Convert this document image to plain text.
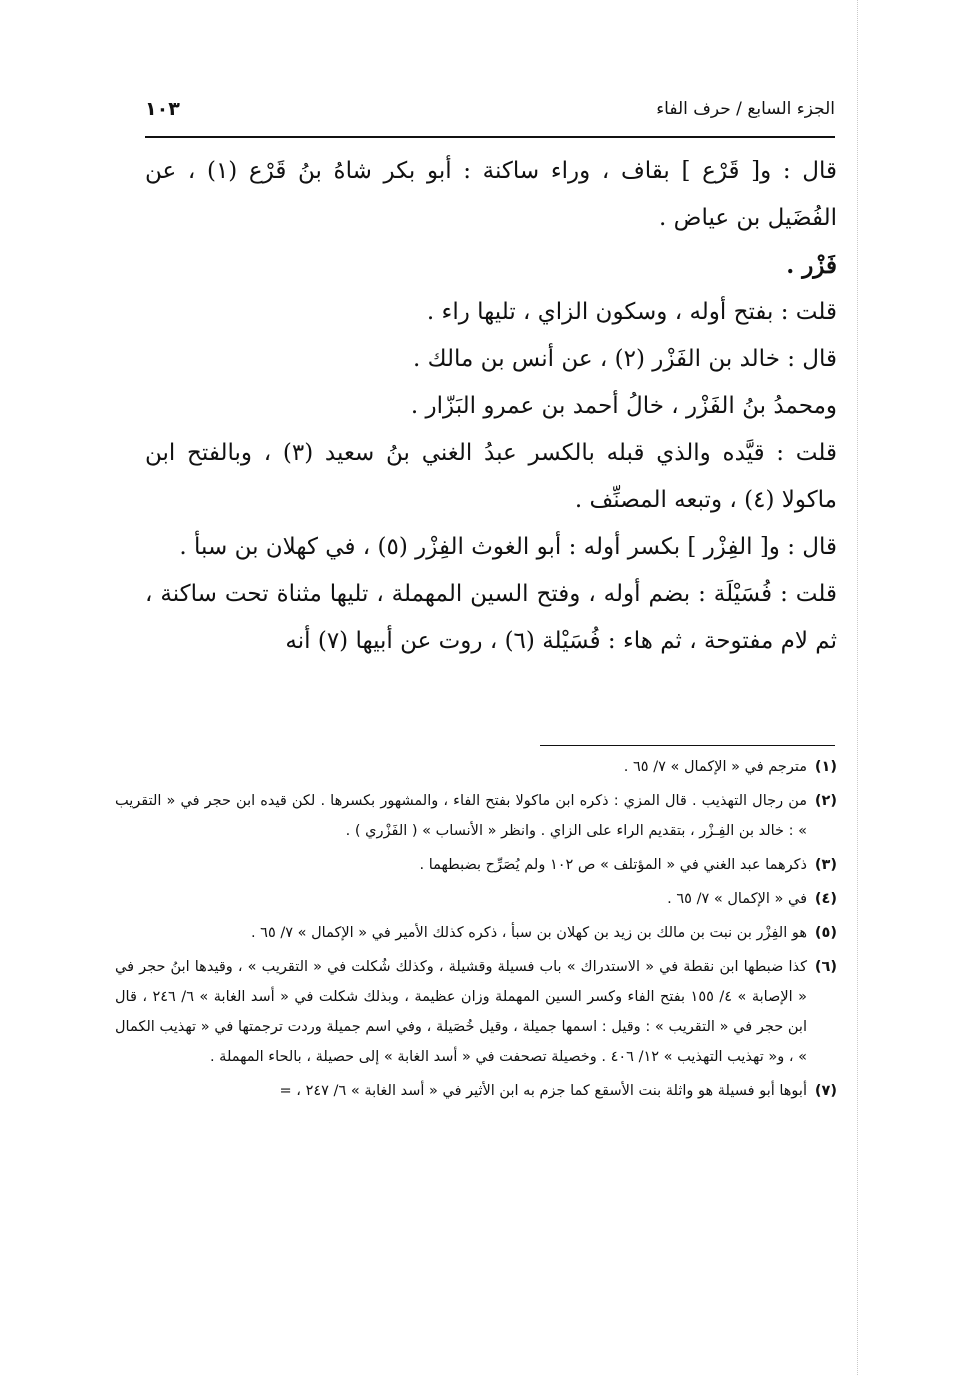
الجزء السابع / حرف الفاء
١٠٣

قال : و[ قَرْع ] بقاف ، وراء ساكنة : أبو بكر شاهُ بنُ قَرْع (١) ، عن الفُضَيل بن عياض .

فَزْر .

قلت : بفتح أوله ، وسكون الزاي ، تليها راء .

قال : خالد بن الفَزْر (٢) ، عن أنس بن مالك .

ومحمدُ بنُ الفَزْر ، خالُ أحمد بن عمرو البَزّار .

قلت : قيَّده والذي قبله بالكسر عبدُ الغني بنُ سعيد (٣) ، وبالفتح ابن ماكولا (٤) ، وتبعه المصنِّف .

قال : و[ الفِزْر ] بكسر أوله : أبو الغوث الفِزْر (٥) ، في كهلان بن سبأ .

قلت : فُسَيْلَة : بضم أوله ، وفتح السين المهملة ، تليها مثناة تحت ساكنة ، ثم لام مفتوحة ، ثم هاء : فُسَيْلة (٦) ، روت عن أبيها (٧) أنه

(١)
مترجم في « الإكمال » ٧/ ٦٥ .
(٢)
من رجال التهذيب . قال المزي : ذكره ابن ماكولا بفتح الفاء ، والمشهور بكسرها . لكن قيده ابن حجر في « التقريب » : خالد بن الفِـزْر ، بتقديم الراء على الزاي . وانظر « الأنساب » ( الفَزْري ) .
(٣)
ذكرهما عبد الغني في « المؤتلف » ص ١٠٢ ولم يُصَرِّح بضبطهما .
(٤)
في « الإكمال » ٧/ ٦٥ .
(٥)
هو الفِزْر بن نبت بن مالك بن زيد بن كهلان بن سبأ ، ذكره كذلك الأمير في « الإكمال » ٧/ ٦٥ .
(٦)
كذا ضبطها ابن نقطة في « الاستدراك » باب فسيلة وقشيلة ، وكذلك شُكلت في « التقريب » ، وقيدها ابنُ حجر في « الإصابة » ٤/ ١٥٥ بفتح الفاء وكسر السين المهملة وزان عظيمة ، وبذلك شكلت في « أسد الغابة » ٦/ ٢٤٦ ، قال ابن حجر في « التقريب » : وقيل : اسمها جميلة ، وقيل خُصَيلة ، وفي اسم جميلة وردت ترجمتها في « تهذيب الكمال » ، و« تهذيب التهذيب » ١٢/ ٤٠٦ . وخصيلة تصحفت في « أسد الغابة » إلى حصيلة ، بالحاء المهملة .
(٧)
أبوها أبو فسيلة هو واثلة بنت الأسقع كما جزم به ابن الأثير في « أسد الغابة » ٦/ ٢٤٧ ، =
